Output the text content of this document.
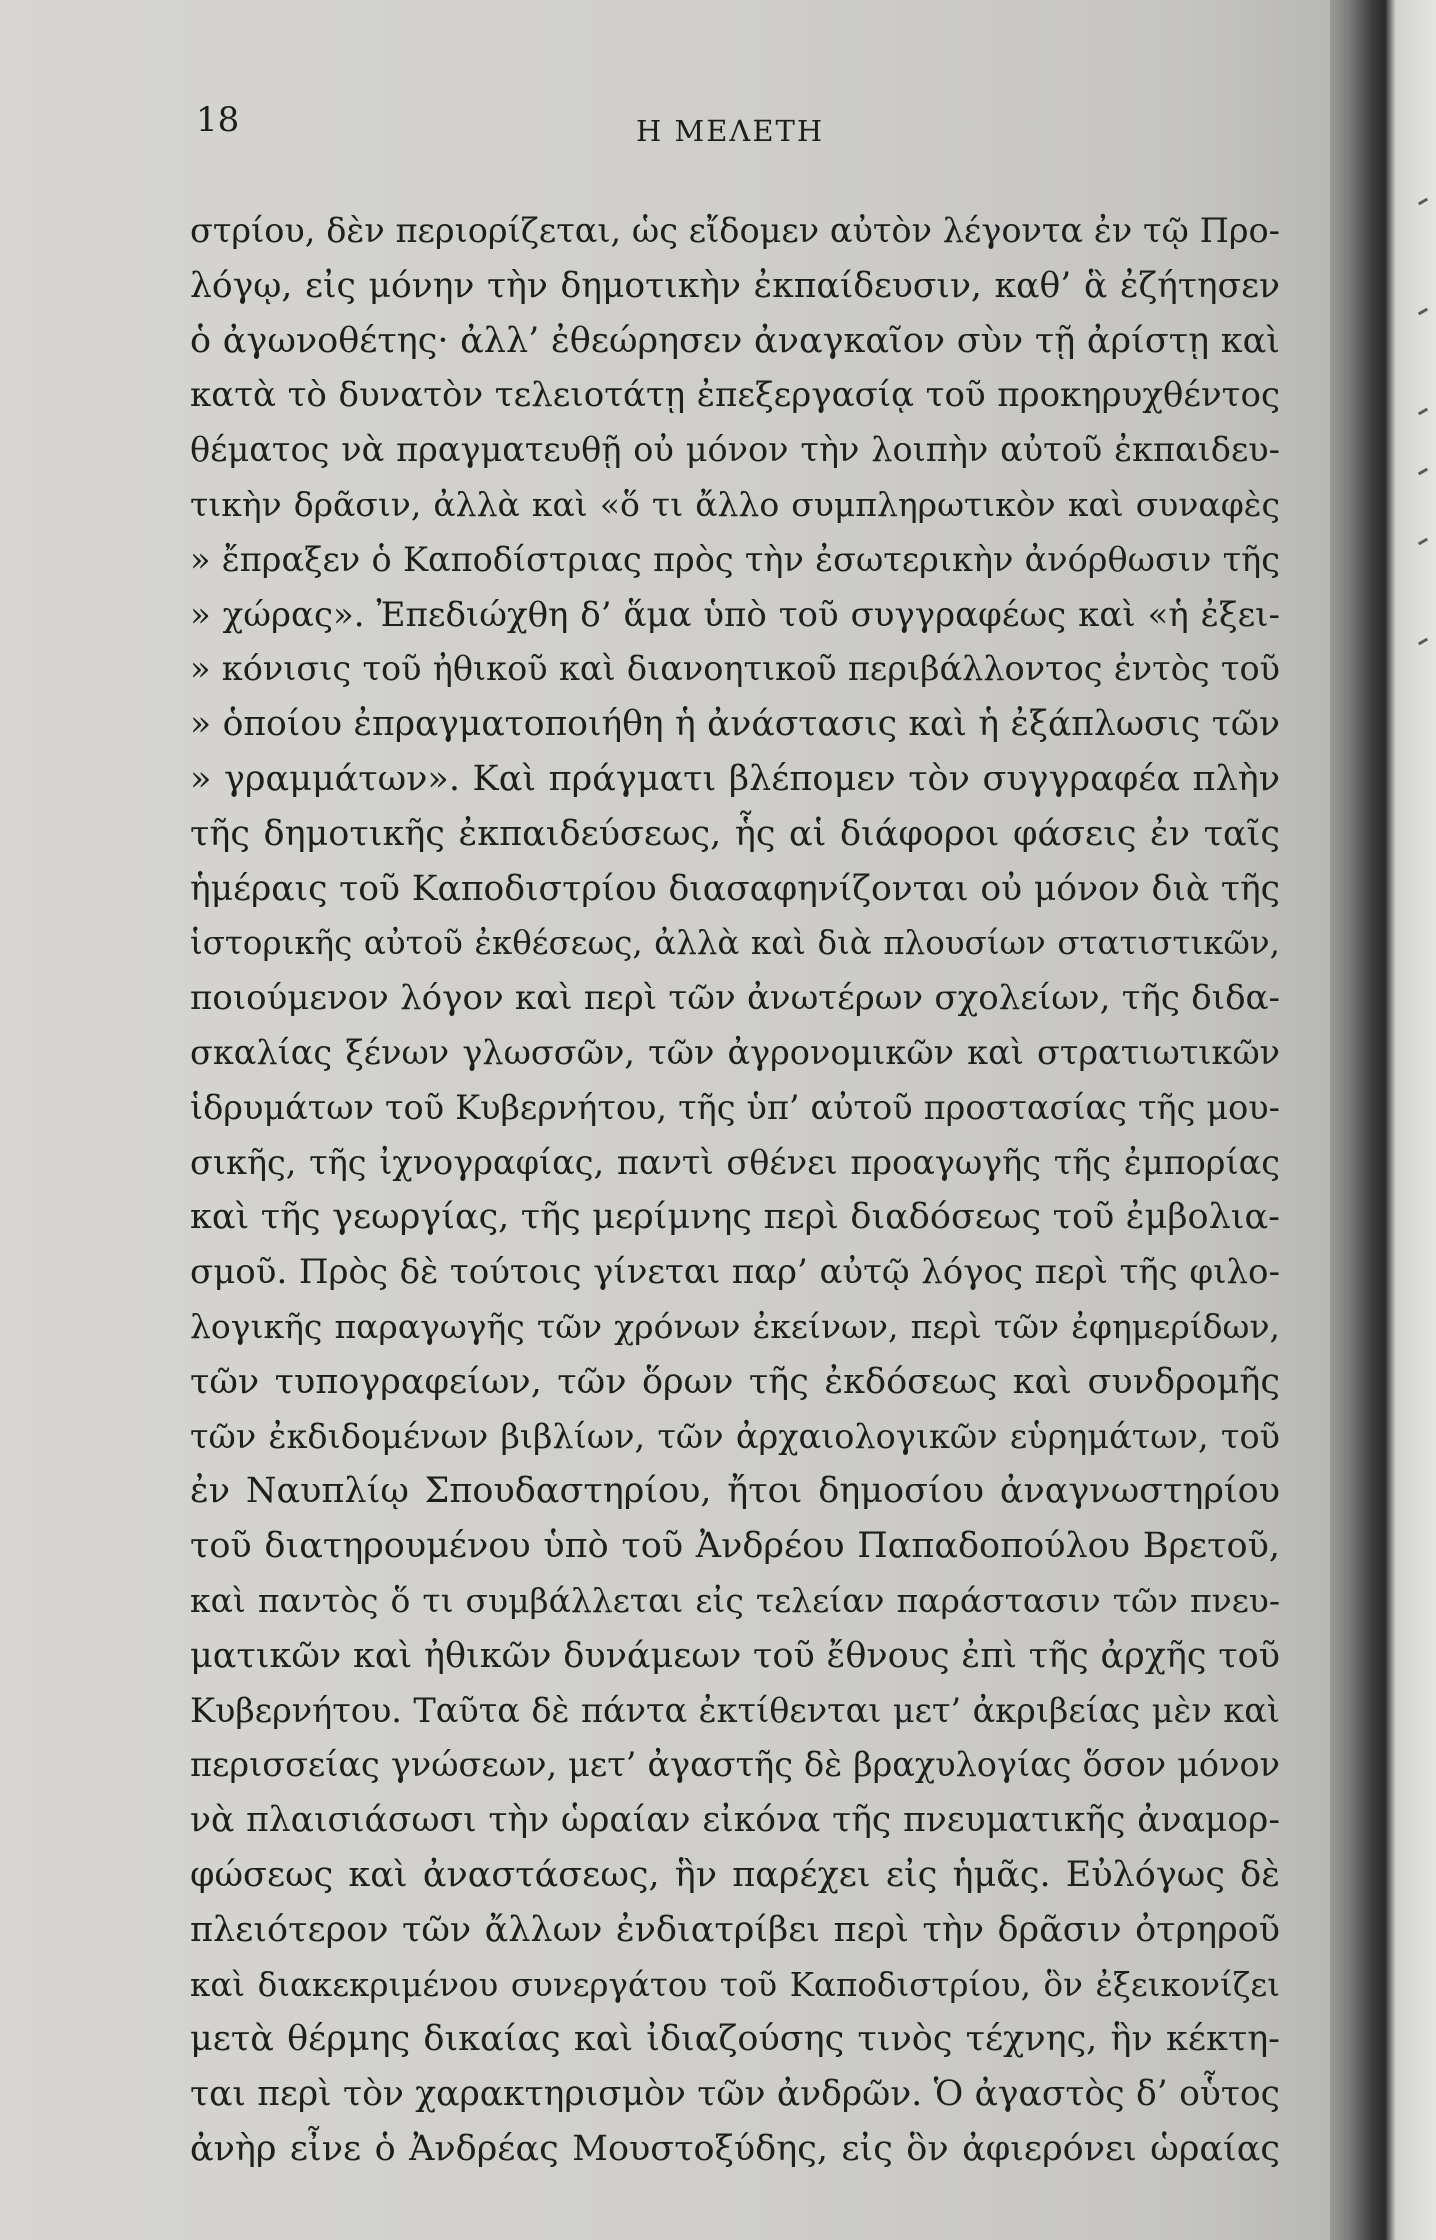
18	Η ΜΕΛΕΤΗ
στρίου, δὲν περιορίζεται, ὡς εἴδομεν αὐτὸν λέγοντα ἐν τῷ Προ-
λόγῳ, εἰς μόνην τὴν δημοτικὴν ἐκπαίδευσιν, καθ’ ἃ ἐζήτησεν
ὁ ἀγωνοθέτης· ἀλλ’ ἐθεώρησεν ἀναγκαῖον σὺν τῇ ἀρίστῃ καὶ
κατὰ τὸ δυνατὸν τελειοτάτῃ ἐπεξεργασίᾳ τοῦ προκηρυχθέντος
θέματος νὰ πραγματευθῇ οὐ μόνον τὴν λοιπὴν αὐτοῦ ἐκπαιδευ-
τικὴν δρᾶσιν, ἀλλὰ καὶ «ὅ τι ἄλλο συμπληρωτικὸν καὶ συναφὲς
» ἔπραξεν ὁ Καποδίστριας πρὸς τὴν ἐσωτερικὴν ἀνόρθωσιν τῆς
» χώρας». Ἐπεδιώχθη δ’ ἅμα ὑπὸ τοῦ συγγραφέως καὶ «ἡ ἐξει-
» κόνισις τοῦ ἠθικοῦ καὶ διανοητικοῦ περιβάλλοντος ἐντὸς τοῦ
» ὁποίου ἐπραγματοποιήθη ἡ ἀνάστασις καὶ ἡ ἐξάπλωσις τῶν
» γραμμάτων». Καὶ πράγματι βλέπομεν τὸν συγγραφέα πλὴν
τῆς δημοτικῆς ἐκπαιδεύσεως, ἧς αἱ διάφοροι φάσεις ἐν ταῖς
ἡμέραις τοῦ Καποδιστρίου διασαφηνίζονται οὐ μόνον διὰ τῆς
ἱστορικῆς αὐτοῦ ἐκθέσεως, ἀλλὰ καὶ διὰ πλουσίων στατιστικῶν,
ποιούμενον λόγον καὶ περὶ τῶν ἀνωτέρων σχολείων, τῆς διδα-
σκαλίας ξένων γλωσσῶν, τῶν ἀγρονομικῶν καὶ στρατιωτικῶν
ἱδρυμάτων τοῦ Κυβερνήτου, τῆς ὑπ’ αὐτοῦ προστασίας τῆς μου-
σικῆς, τῆς ἰχνογραφίας, παντὶ σθένει προαγωγῆς τῆς ἐμπορίας
καὶ τῆς γεωργίας, τῆς μερίμνης περὶ διαδόσεως τοῦ ἐμβολια-
σμοῦ. Πρὸς δὲ τούτοις γίνεται παρ’ αὐτῷ λόγος περὶ τῆς φιλο-
λογικῆς παραγωγῆς τῶν χρόνων ἐκείνων, περὶ τῶν ἐφημερίδων,
τῶν τυπογραφείων, τῶν ὅρων τῆς ἐκδόσεως καὶ συνδρομῆς
τῶν ἐκδιδομένων βιβλίων, τῶν ἀρχαιολογικῶν εὑρημάτων, τοῦ
ἐν Ναυπλίῳ Σπουδαστηρίου, ἤτοι δημοσίου ἀναγνωστηρίου
τοῦ διατηρουμένου ὑπὸ τοῦ Ἀνδρέου Παπαδοπούλου Βρετοῦ,
καὶ παντὸς ὅ τι συμβάλλεται εἰς τελείαν παράστασιν τῶν πνευ-
ματικῶν καὶ ἠθικῶν δυνάμεων τοῦ ἔθνους ἐπὶ τῆς ἀρχῆς τοῦ
Κυβερνήτου. Ταῦτα δὲ πάντα ἐκτίθενται μετ’ ἀκριβείας μὲν καὶ
περισσείας γνώσεων, μετ’ ἀγαστῆς δὲ βραχυλογίας ὅσον μόνον
νὰ πλαισιάσωσι τὴν ὡραίαν εἰκόνα τῆς πνευματικῆς ἀναμορ-
φώσεως καὶ ἀναστάσεως, ἣν παρέχει εἰς ἡμᾶς. Εὐλόγως δὲ
πλειότερον τῶν ἄλλων ἐνδιατρίβει περὶ τὴν δρᾶσιν ὀτρηροῦ
καὶ διακεκριμένου συνεργάτου τοῦ Καποδιστρίου, ὃν ἐξεικονίζει
μετὰ θέρμης δικαίας καὶ ἰδιαζούσης τινὸς τέχνης, ἣν κέκτη-
ται περὶ τὸν χαρακτηρισμὸν τῶν ἀνδρῶν. Ὁ ἀγαστὸς δ’ οὗτος
ἀνὴρ εἶνε ὁ Ἀνδρέας Μουστοξύδης, εἰς ὃν ἀφιερόνει ὡραίας
